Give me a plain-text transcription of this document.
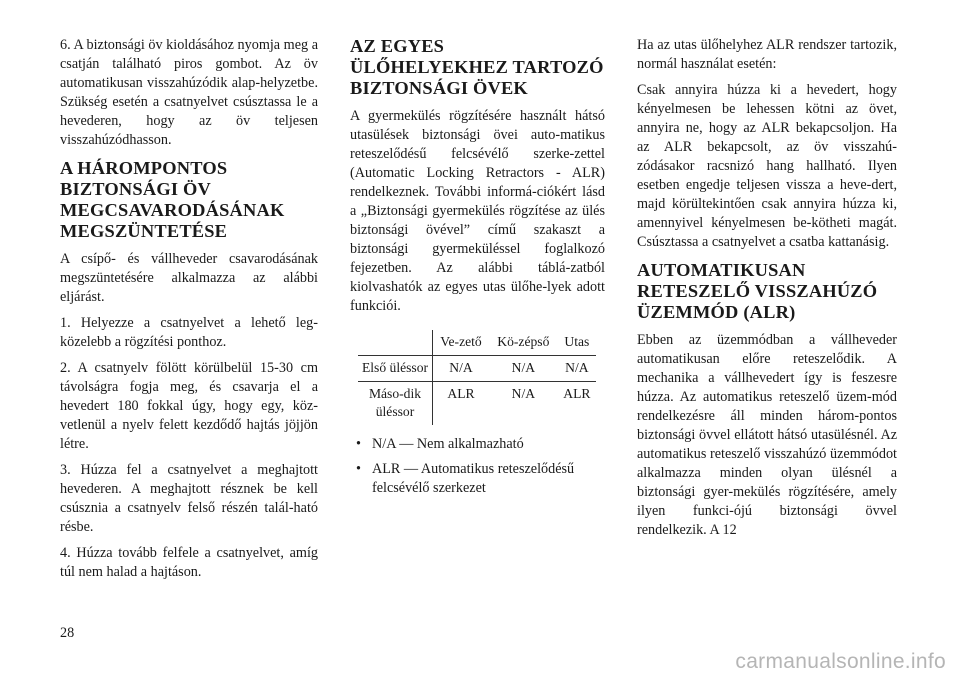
6. A biztonsági öv kioldásához nyomja meg a csatján található piros gombot. Az öv automatikusan visszahúzódik alap-helyzetbe. Szükség esetén a csatnyelvet csúsztassa le a hevederen, hogy az öv teljesen visszahúzódhasson.

A HÁROMPONTOS BIZTONSÁGI ÖV MEGCSAVARODÁSÁNAK MEGSZÜNTETÉSE

A csípő- és vállheveder csavarodásának megszüntetésére alkalmazza az alábbi eljárást.

1. Helyezze a csatnyelvet a lehető leg-közelebb a rögzítési ponthoz.

2. A csatnyelv fölött körülbelül 15-30 cm távolságra fogja meg, és csavarja el a hevedert 180 fokkal úgy, hogy egy, köz-vetlenül a nyelv felett kezdődő hajtás jöjjön létre.

3. Húzza fel a csatnyelvet a meghajtott hevederen. A meghajtott résznek be kell csúsznia a csatnyelv felső részén talál-ható résbe.

4. Húzza tovább felfele a csatnyelvet, amíg túl nem halad a hajtáson.

AZ EGYES ÜLŐHELYEKHEZ TARTOZÓ BIZTONSÁGI ÖVEK

A gyermekülés rögzítésére használt hátsó utasülések biztonsági övei auto-matikus reteszelődésű felcsévélő szerke-zettel (Automatic Locking Retractors - ALR) rendelkeznek. További informá-ciókért lásd a „Biztonsági gyermekülés rögzítése az ülés biztonsági övével” című szakaszt a biztonsági gyermeküléssel foglalkozó fejezetben. Az alábbi táblá-zatból kiolvashatók az egyes utas ülőhe-lyek adott funkciói.

	Ve-zető	Kö-zépső	Utas
Első üléssor	N/A	N/A	N/A
Máso-dik üléssor	ALR	N/A	ALR
• N/A — Nem alkalmazható
• ALR — Automatikus reteszelődésű felcsévélő szerkezet

Ha az utas ülőhelyhez ALR rendszer tartozik, normál használat esetén:

Csak annyira húzza ki a hevedert, hogy kényelmesen be lehessen kötni az övet, annyira ne, hogy az ALR bekapcsoljon. Ha az ALR bekapcsolt, az öv visszahú-zódásakor racsnizó hang hallható. Ilyen esetben engedje teljesen vissza a heve-dert, majd körültekintően csak annyira húzza ki, amennyivel kényelmesen be-kötheti magát. Csúsztassa a csatnyelvet a csatba kattanásig.

AUTOMATIKUSAN RETESZELŐ VISSZAHÚZÓ ÜZEMMÓD (ALR)

Ebben az üzemmódban a vállheveder automatikusan előre reteszelődik. A mechanika a vállhevedert így is feszesre húzza. Az automatikus reteszelő üzem-mód rendelkezésre áll minden három-pontos biztonsági övvel ellátott hátsó utasülésnél. Az automatikus reteszelő visszahúzó üzemmódot alkalmazza minden olyan ülésnél a biztonsági gyer-mekülés rögzítésére, amely ilyen funkci-ójú biztonsági övvel rendelkezik. A 12

28
carmanualsonline.info
